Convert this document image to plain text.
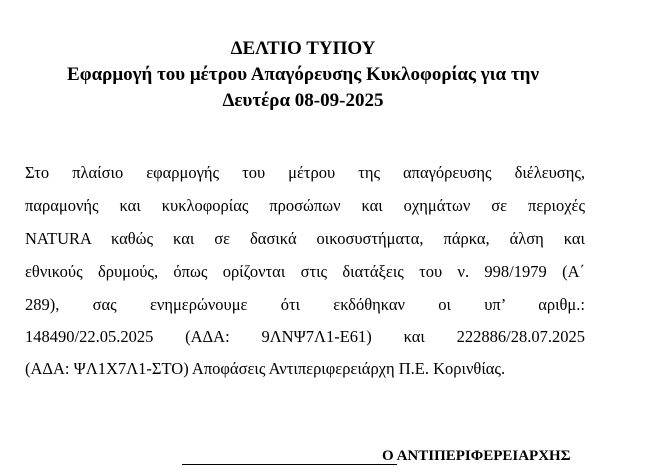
ΔΕΛΤΙΟ ΤΥΠΟΥ
Εφαρμογή του μέτρου Απαγόρευσης Κυκλοφορίας για την
Δευτέρα 08-09-2025
Στο πλαίσιο εφαρμογής του μέτρου της απαγόρευσης διέλευσης,
παραμονής και κυκλοφορίας προσώπων και οχημάτων σε περιοχές
NATURA καθώς και σε δασικά οικοσυστήματα, πάρκα, άλση και
εθνικούς δρυμούς, όπως ορίζονται στις διατάξεις του ν. 998/1979 (Α΄
289), σας ενημερώνουμε ότι εκδόθηκαν οι υπ’ αριθμ.:
148490/22.05.2025 (ΑΔΑ: 9ΛΝΨ7Λ1-Ε61) και 222886/28.07.2025
(ΑΔΑ: ΨΛ1Χ7Λ1-ΣΤΟ) Αποφάσεις Αντιπεριφερειάρχη Π.Ε. Κορινθίας.
Ο ΑΝΤΙΠΕΡΙΦΕΡΕΙΑΡΧΗΣ
